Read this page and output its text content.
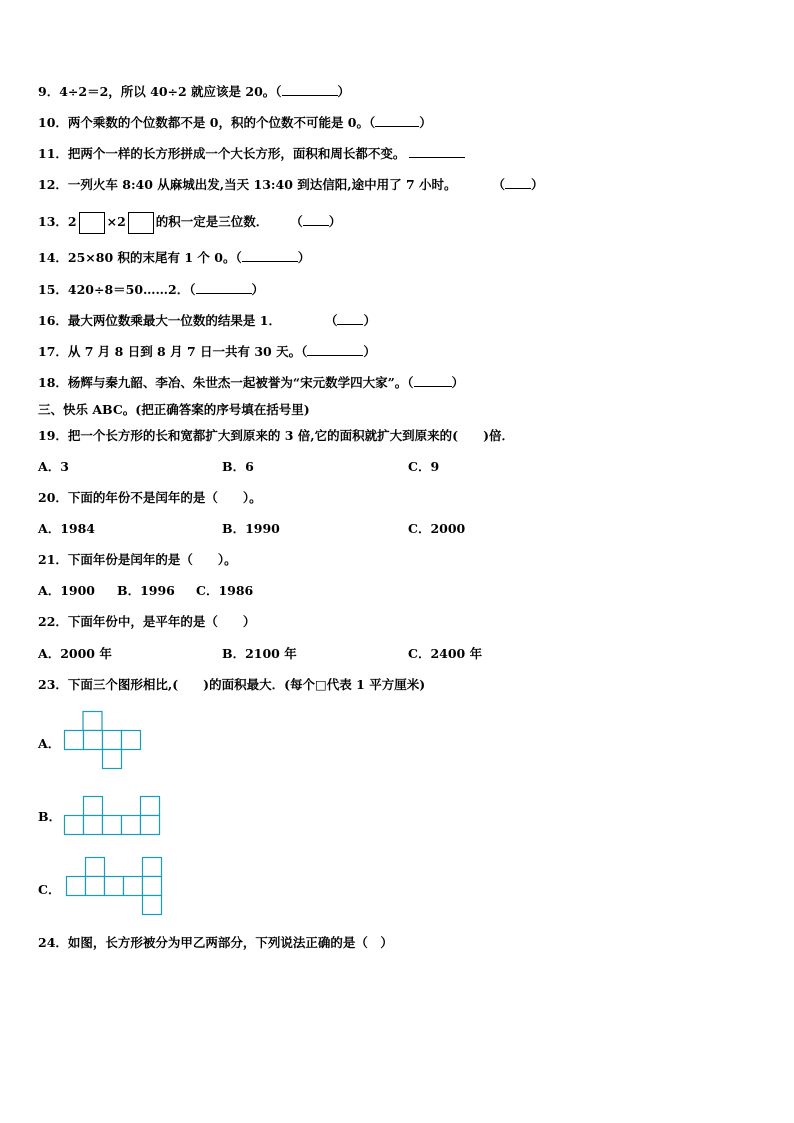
9．4÷2＝2，所以 40÷2 就应该是 20。（	）
10．两个乘数的个位数都不是 0，积的个位数不可能是 0。（	）
11．把两个一样的长方形拼成一个大长方形，面积和周长都不变。
12．一列火车 8:40 从麻城出发,当天 13:40 到达信阳,途中用了 7 小时。	（ ）
13．2 ×2 的积一定是三位数． （ ）
14．25×80 积的末尾有 1 个 0。（	）
15．420÷8＝50……2．（	）
16．最大两位数乘最大一位数的结果是 1．	（ ）
17．从 7 月 8 日到 8 月 7 日一共有 30 天。（	）
18．杨辉与秦九韶、李冶、朱世杰一起被誉为“宋元数学四大家”。（	）
三、快乐 ABC。(把正确答案的序号填在括号里)
19．把一个长方形的长和宽都扩大到原来的 3 倍,它的面积就扩大到原来的(　　)倍．
A．3	B．6	C．9
20．下面的年份不是闰年的是（　　）。
A．1984	B．1990	C．2000
21．下面年份是闰年的是（　　）。
A．1900 B．1996 C．1986
22．下面年份中，是平年的是（　　）
A．2000 年	B．2100 年	C．2400 年
23．下面三个图形相比,(　　)的面积最大．(每个□代表 1 平方厘米)
A．
B．
C．
24．如图，长方形被分为甲乙两部分，下列说法正确的是（　）
